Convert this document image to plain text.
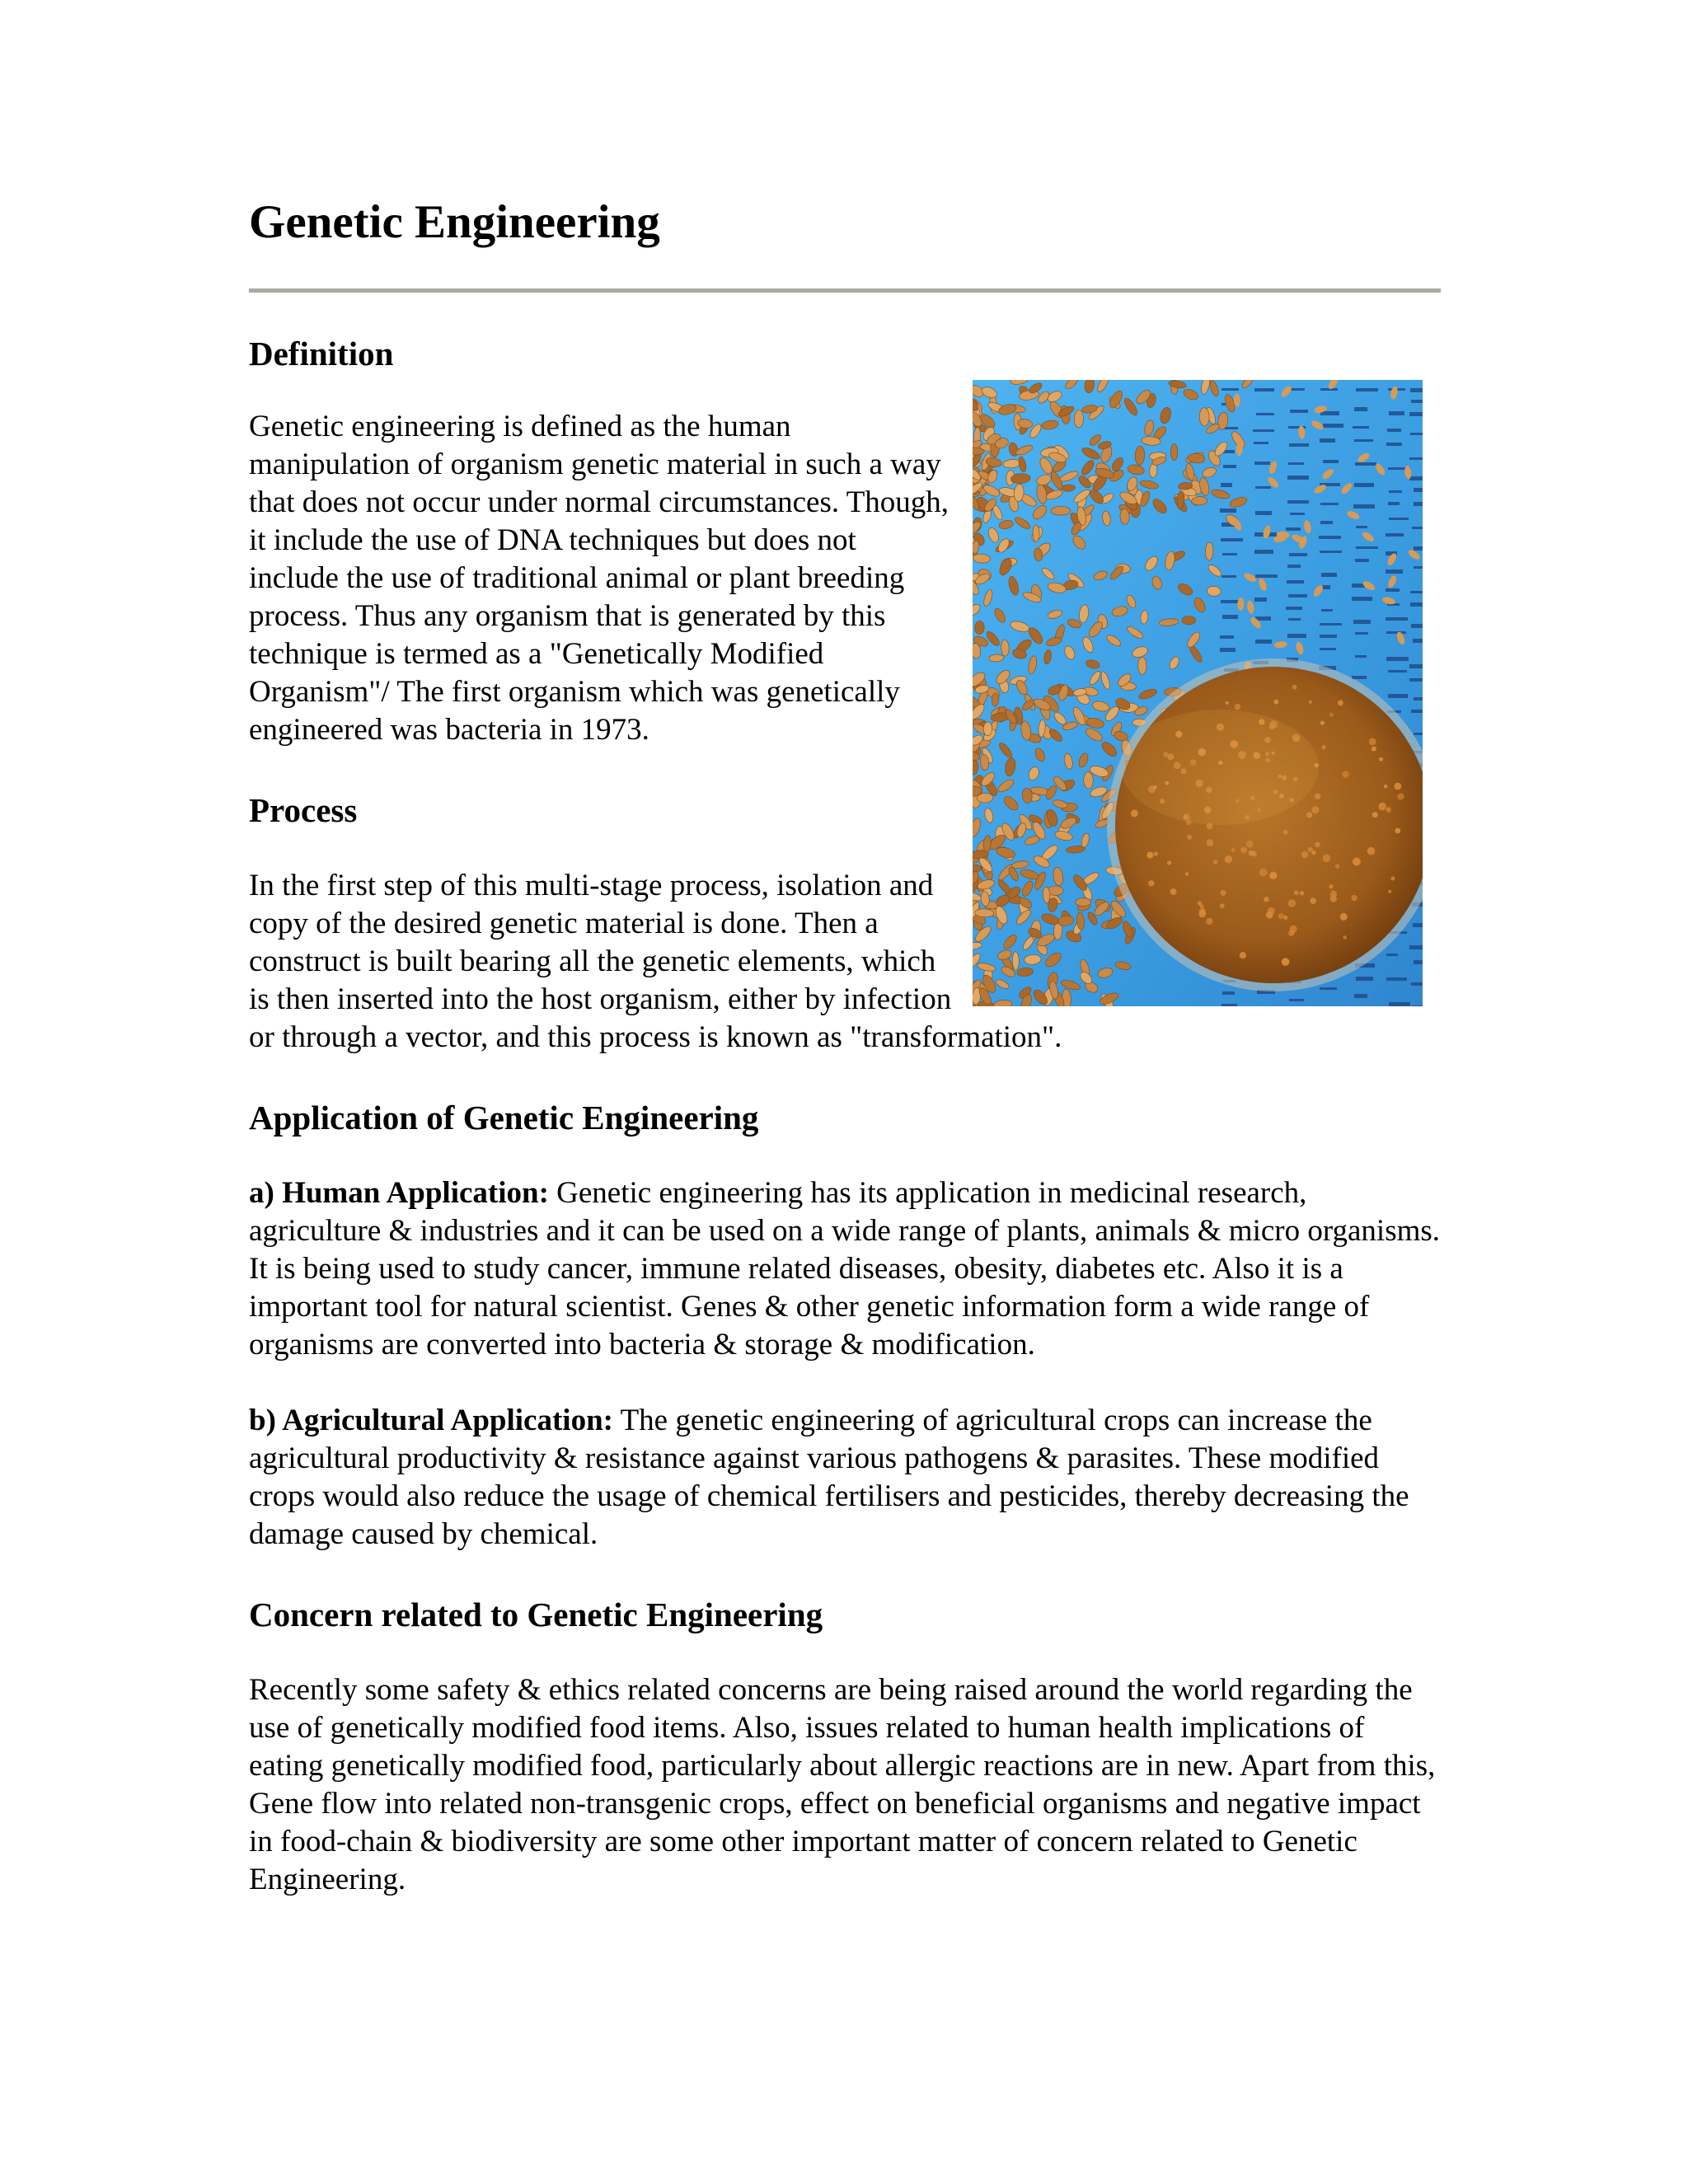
Genetic Engineering
Definition

Genetic engineering is defined as the human manipulation of organism genetic material in such a way that does not occur under normal circumstances. Though, it include the use of DNA techniques but does not include the use of traditional animal or plant breeding process. Thus any organism that is generated by this technique is termed as a "Genetically Modified Organism"/ The first organism which was genetically engineered was bacteria in 1973.

Process

In the first step of this multi-stage process, isolation and copy of the desired genetic material is done. Then a construct is built bearing all the genetic elements, which is then inserted into the host organism, either by infection or through a vector, and this process is known as "transformation".

Application of Genetic Engineering

a) Human Application: Genetic engineering has its application in medicinal research, agriculture & industries and it can be used on a wide range of plants, animals & micro organisms. It is being used to study cancer, immune related diseases, obesity, diabetes etc. Also it is a important tool for natural scientist. Genes & other genetic information form a wide range of organisms are converted into bacteria & storage & modification.

b) Agricultural Application: The genetic engineering of agricultural crops can increase the agricultural productivity & resistance against various pathogens & parasites. These modified crops would also reduce the usage of chemical fertilisers and pesticides, thereby decreasing the damage caused by chemical.

Concern related to Genetic Engineering

Recently some safety & ethics related concerns are being raised around the world regarding the use of genetically modified food items. Also, issues related to human health implications of eating genetically modified food, particularly about allergic reactions are in new. Apart from this, Gene flow into related non-transgenic crops, effect on beneficial organisms and negative impact in food-chain & biodiversity are some other important matter of concern related to Genetic Engineering.
